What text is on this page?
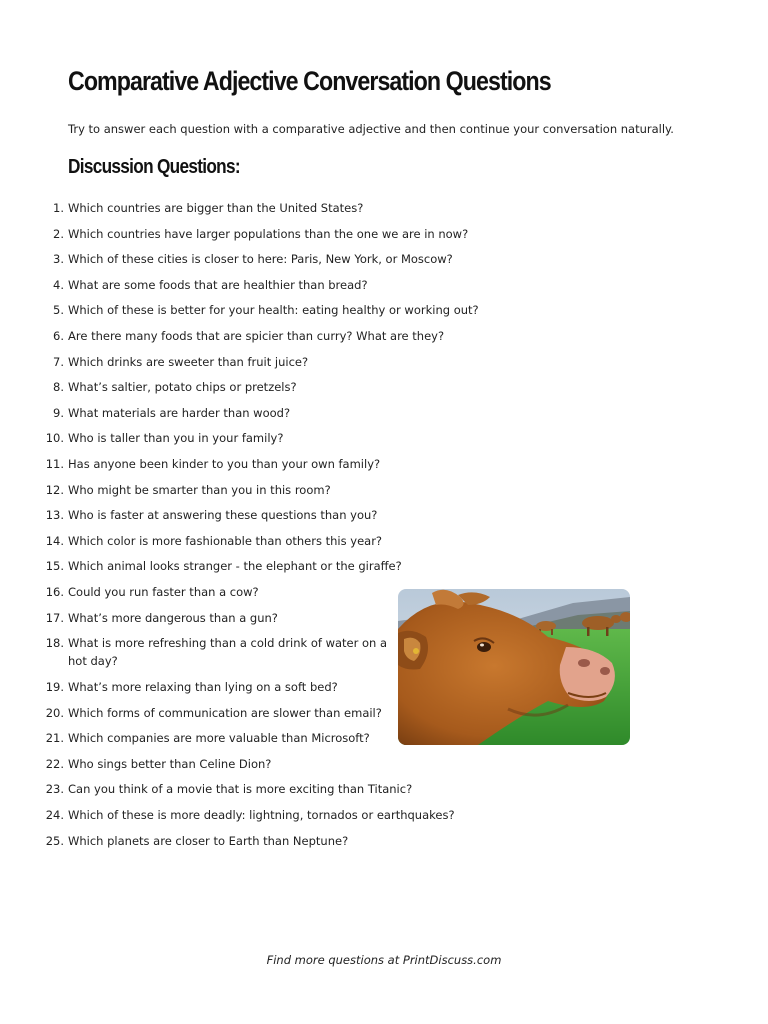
Comparative Adjective Conversation Questions

Try to answer each question with a comparative adjective and then continue your conversation naturally.

Discussion Questions:
1. Which countries are bigger than the United States?
2. Which countries have larger populations than the one we are in now?
3. Which of these cities is closer to here: Paris, New York, or Moscow?
4. What are some foods that are healthier than bread?
5. Which of these is better for your health: eating healthy or working out?
6. Are there many foods that are spicier than curry? What are they?
7. Which drinks are sweeter than fruit juice?
8. What’s saltier, potato chips or pretzels?
9. What materials are harder than wood?
10. Who is taller than you in your family?
11. Has anyone been kinder to you than your own family?
12. Who might be smarter than you in this room?
13. Who is faster at answering these questions than you?
14. Which color is more fashionable than others this year?
15. Which animal looks stranger - the elephant or the giraffe?
16. Could you run faster than a cow?
17. What’s more dangerous than a gun?
18. What is more refreshing than a cold drink of water on a hot day?
19. What’s more relaxing than lying on a soft bed?
20. Which forms of communication are slower than email?
21. Which companies are more valuable than Microsoft?
22. Who sings better than Celine Dion?
23. Can you think of a movie that is more exciting than Titanic?
24. Which of these is more deadly: lightning, tornados or earthquakes?
25. Which planets are closer to Earth than Neptune?

Find more questions at PrintDiscuss.com
